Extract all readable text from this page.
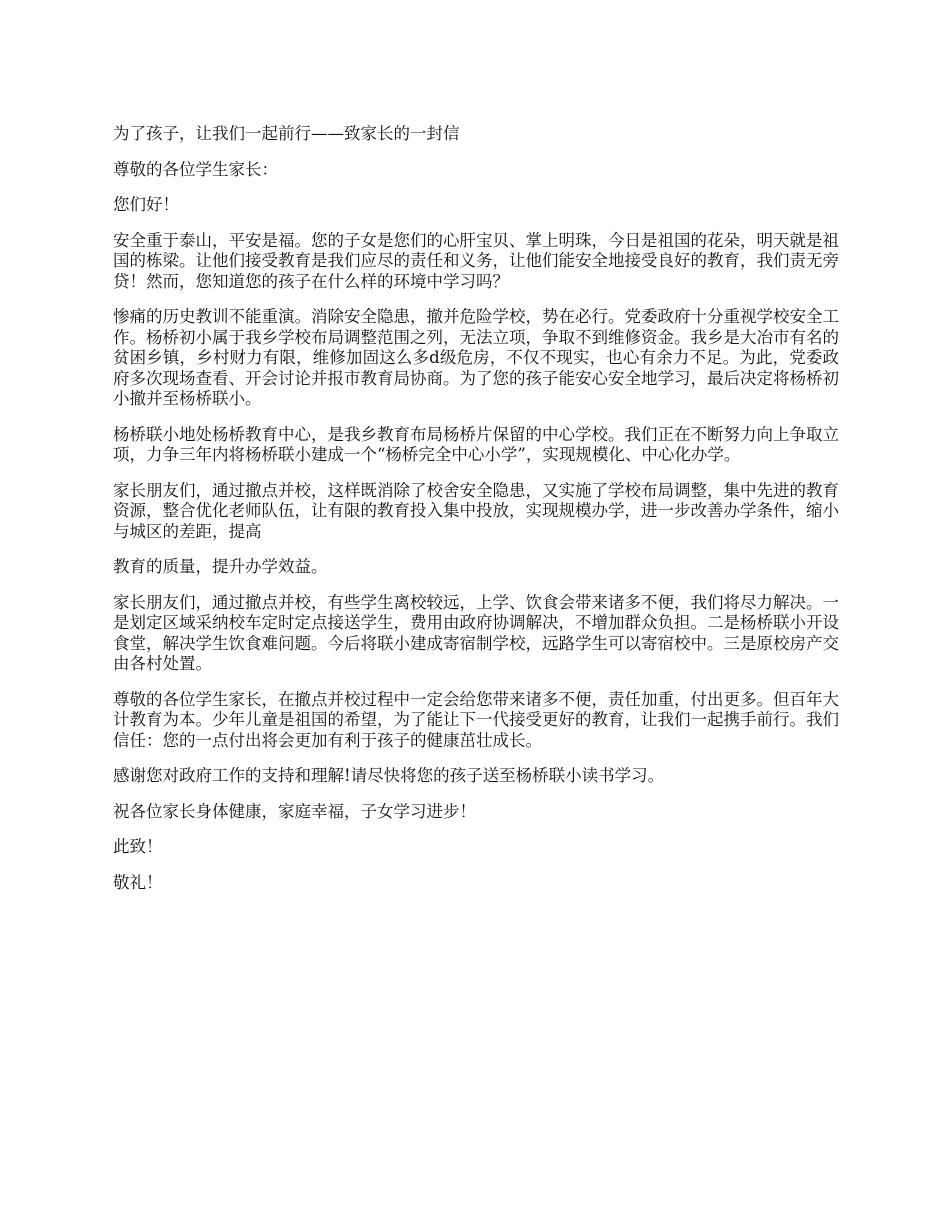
为了孩子，让我们一起前行——致家长的一封信

尊敬的各位学生家长：

您们好！

安全重于泰山，平安是福。您的子女是您们的心肝宝贝、掌上明珠，今日是祖国的花朵，明天就是祖国的栋梁。让他们接受教育是我们应尽的责任和义务，让他们能安全地接受良好的教育，我们责无旁贷！然而，您知道您的孩子在什么样的环境中学习吗？

惨痛的历史教训不能重演。消除安全隐患，撤并危险学校，势在必行。党委政府十分重视学校安全工作。杨桥初小属于我乡学校布局调整范围之列，无法立项，争取不到维修资金。我乡是大冶市有名的贫困乡镇，乡村财力有限，维修加固这么多d级危房，不仅不现实，也心有余力不足。为此，党委政府多次现场查看、开会讨论并报市教育局协商。为了您的孩子能安心安全地学习，最后决定将杨桥初小撤并至杨桥联小。

杨桥联小地处杨桥教育中心，是我乡教育布局杨桥片保留的中心学校。我们正在不断努力向上争取立项，力争三年内将杨桥联小建成一个“杨桥完全中心小学”，实现规模化、中心化办学。

家长朋友们，通过撤点并校，这样既消除了校舍安全隐患，又实施了学校布局调整，集中先进的教育资源，整合优化老师队伍，让有限的教育投入集中投放，实现规模办学，进一步改善办学条件，缩小与城区的差距，提高

教育的质量，提升办学效益。

家长朋友们，通过撤点并校，有些学生离校较远，上学、饮食会带来诸多不便，我们将尽力解决。一是划定区域采纳校车定时定点接送学生，费用由政府协调解决，不增加群众负担。二是杨桥联小开设食堂，解决学生饮食难问题。今后将联小建成寄宿制学校，远路学生可以寄宿校中。三是原校房产交由各村处置。

尊敬的各位学生家长，在撤点并校过程中一定会给您带来诸多不便，责任加重，付出更多。但百年大计教育为本。少年儿童是祖国的希望，为了能让下一代接受更好的教育，让我们一起携手前行。我们信任：您的一点付出将会更加有利于孩子的健康茁壮成长。

感谢您对政府工作的支持和理解!请尽快将您的孩子送至杨桥联小读书学习。

祝各位家长身体健康，家庭幸福，子女学习进步！

此致！

敬礼！
